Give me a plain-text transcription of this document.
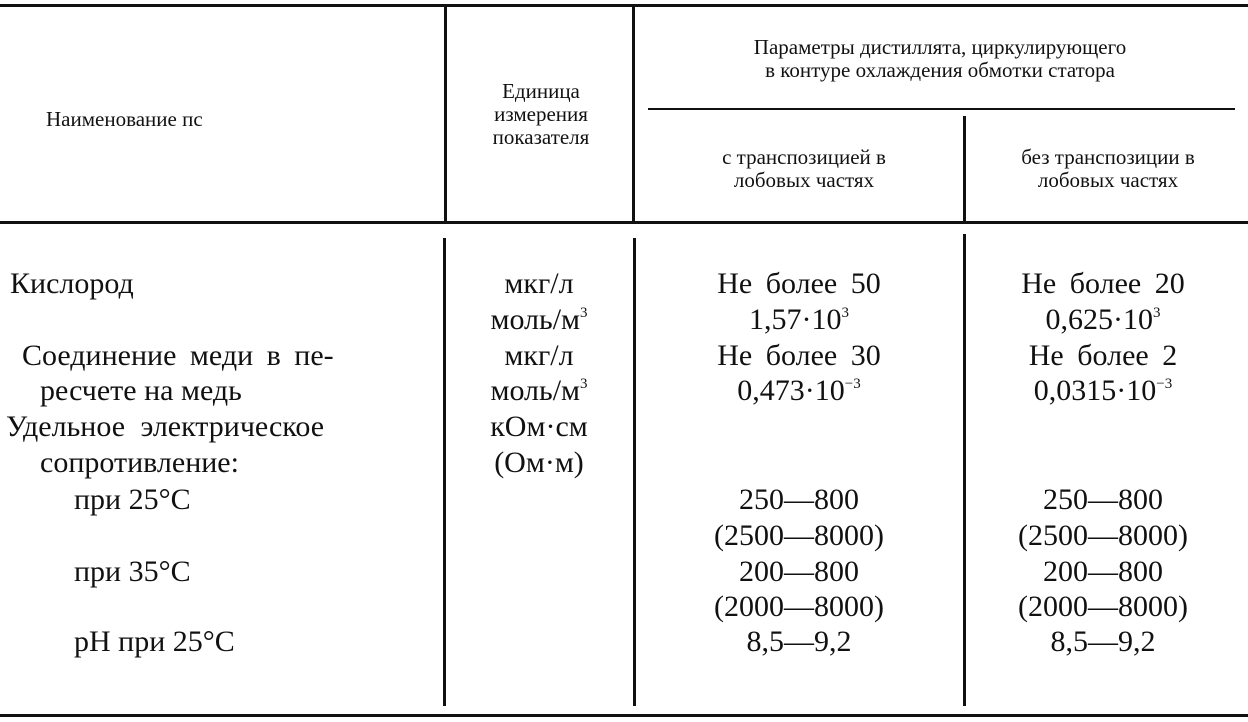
Наименование пс
Единица
измерения
показателя
Параметры дистиллята, циркулирующего
в контуре охлаждения обмотки статора
с транспозицией в
лобовых частях
без транспозиции в
лобовых частях
Кислород
Соединение меди в пе-
ресчете на медь
Удельное электрическое
сопротивление:
при 25°С
при 35°С
рН при 25°С
мкг/л
моль/$м^3$
мкг/л
моль/$м^3$
кОм·см
(Ом·м)
Не более 50
$1,57\cdot 10^3$
Не более 30
$0,473\cdot 10^{-3}$
250—800
(2500—8000)
200—800
(2000—8000)
8,5—9,2
Не более 20
$0,625\cdot 10^3$
Не более 2
$0,0315\cdot 10^{-3}$
250—800
(2500—8000)
200—800
(2000—8000)
8,5—9,2
